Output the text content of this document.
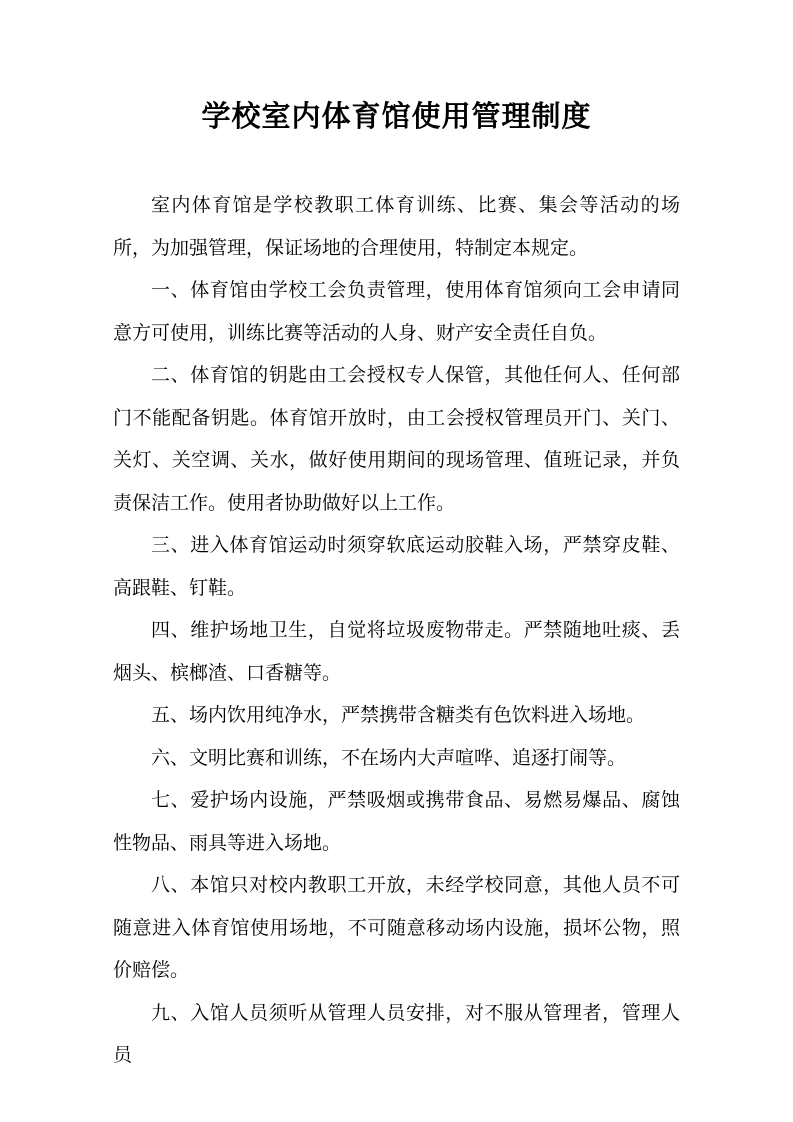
学校室内体育馆使用管理制度

室内体育馆是学校教职工体育训练、比赛、集会等活动的场所，为加强管理，保证场地的合理使用，特制定本规定。

一、体育馆由学校工会负责管理，使用体育馆须向工会申请同意方可使用，训练比赛等活动的人身、财产安全责任自负。

二、体育馆的钥匙由工会授权专人保管，其他任何人、任何部门不能配备钥匙。体育馆开放时，由工会授权管理员开门、关门、关灯、关空调、关水，做好使用期间的现场管理、值班记录，并负责保洁工作。使用者协助做好以上工作。

三、进入体育馆运动时须穿软底运动胶鞋入场，严禁穿皮鞋、高跟鞋、钉鞋。

四、维护场地卫生，自觉将垃圾废物带走。严禁随地吐痰、丢烟头、槟榔渣、口香糖等。

五、场内饮用纯净水，严禁携带含糖类有色饮料进入场地。

六、文明比赛和训练，不在场内大声喧哗、追逐打闹等。

七、爱护场内设施，严禁吸烟或携带食品、易燃易爆品、腐蚀性物品、雨具等进入场地。

八、本馆只对校内教职工开放，未经学校同意，其他人员不可随意进入体育馆使用场地，不可随意移动场内设施，损坏公物，照价赔偿。

九、入馆人员须听从管理人员安排，对不服从管理者，管理人员
